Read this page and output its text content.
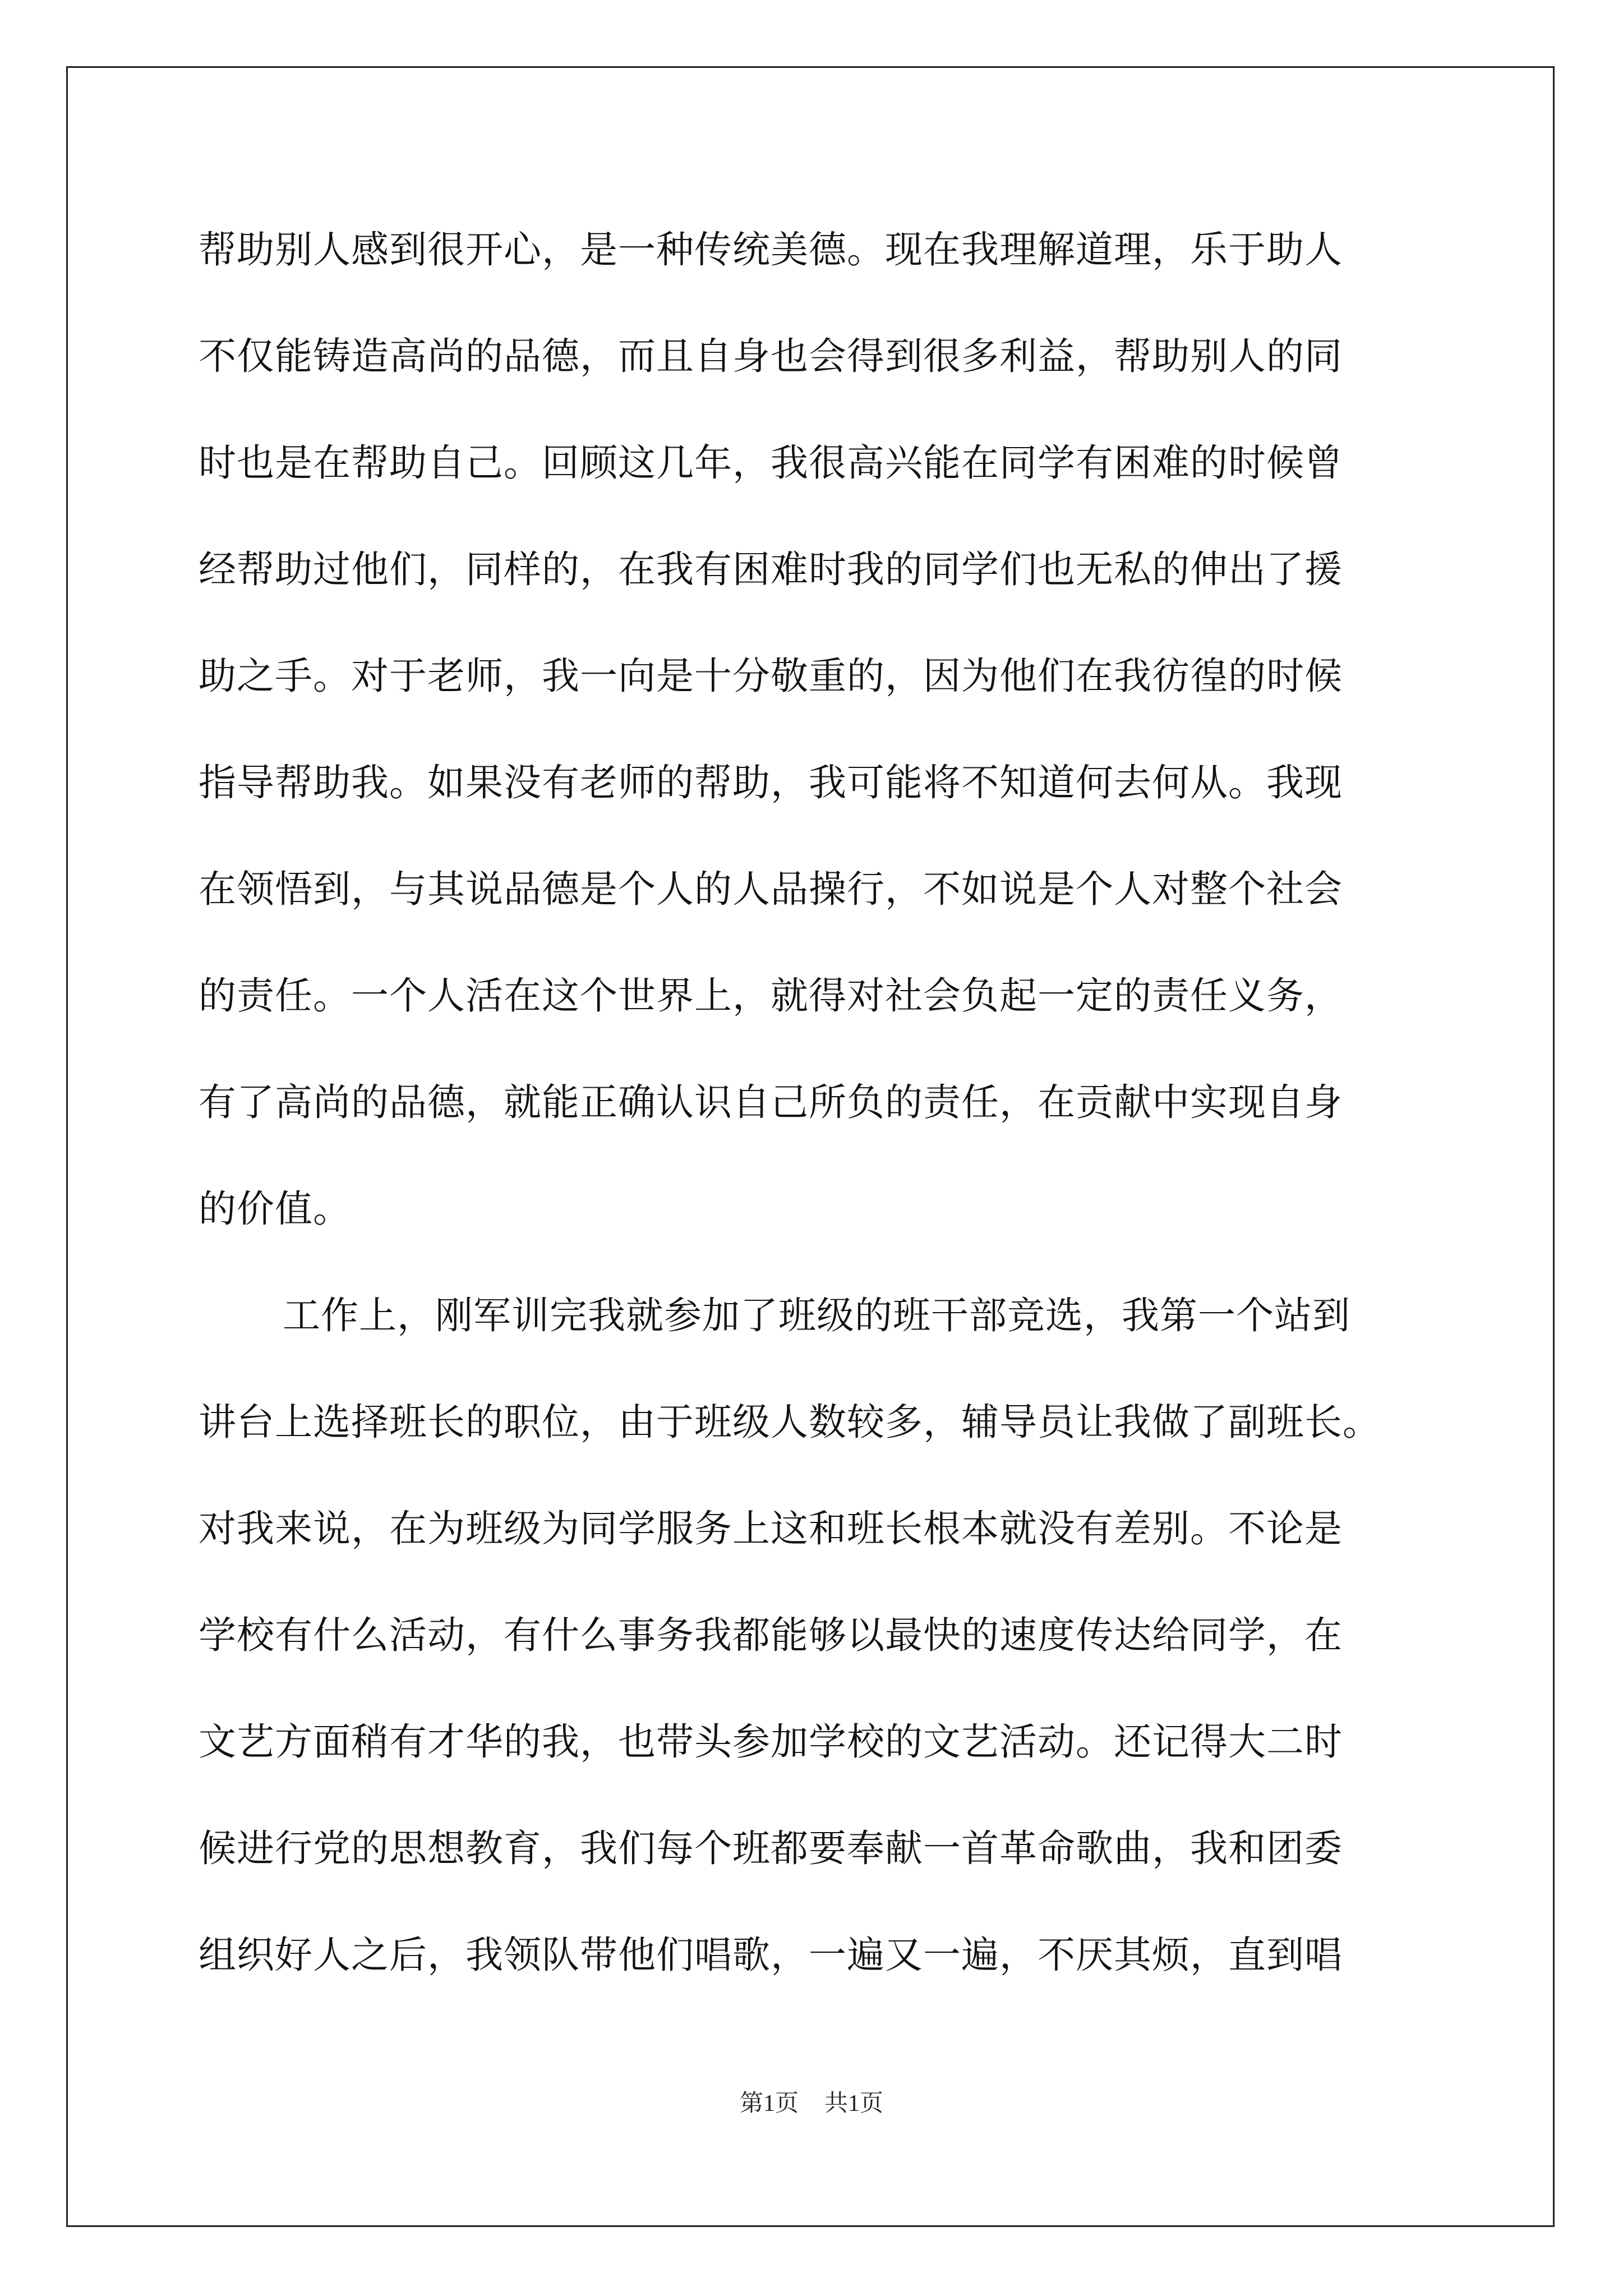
帮助别人感到很开心，是一种传统美德。现在我理解道理，乐于助人
不仅能铸造高尚的品德，而且自身也会得到很多利益，帮助别人的同
时也是在帮助自己。回顾这几年，我很高兴能在同学有困难的时候曾
经帮助过他们，同样的，在我有困难时我的同学们也无私的伸出了援
助之手。对于老师，我一向是十分敬重的，因为他们在我彷徨的时候
指导帮助我。如果没有老师的帮助，我可能将不知道何去何从。我现
在领悟到，与其说品德是个人的人品操行，不如说是个人对整个社会
的责任。一个人活在这个世界上，就得对社会负起一定的责任义务，
有了高尚的品德，就能正确认识自己所负的责任，在贡献中实现自身
的价值。
工作上，刚军训完我就参加了班级的班干部竞选，我第一个站到
讲台上选择班长的职位，由于班级人数较多，辅导员让我做了副班长。
对我来说，在为班级为同学服务上这和班长根本就没有差别。不论是
学校有什么活动，有什么事务我都能够以最快的速度传达给同学，在
文艺方面稍有才华的我，也带头参加学校的文艺活动。还记得大二时
候进行党的思想教育，我们每个班都要奉献一首革命歌曲，我和团委
组织好人之后，我领队带他们唱歌，一遍又一遍，不厌其烦，直到唱
第1页 共1页
